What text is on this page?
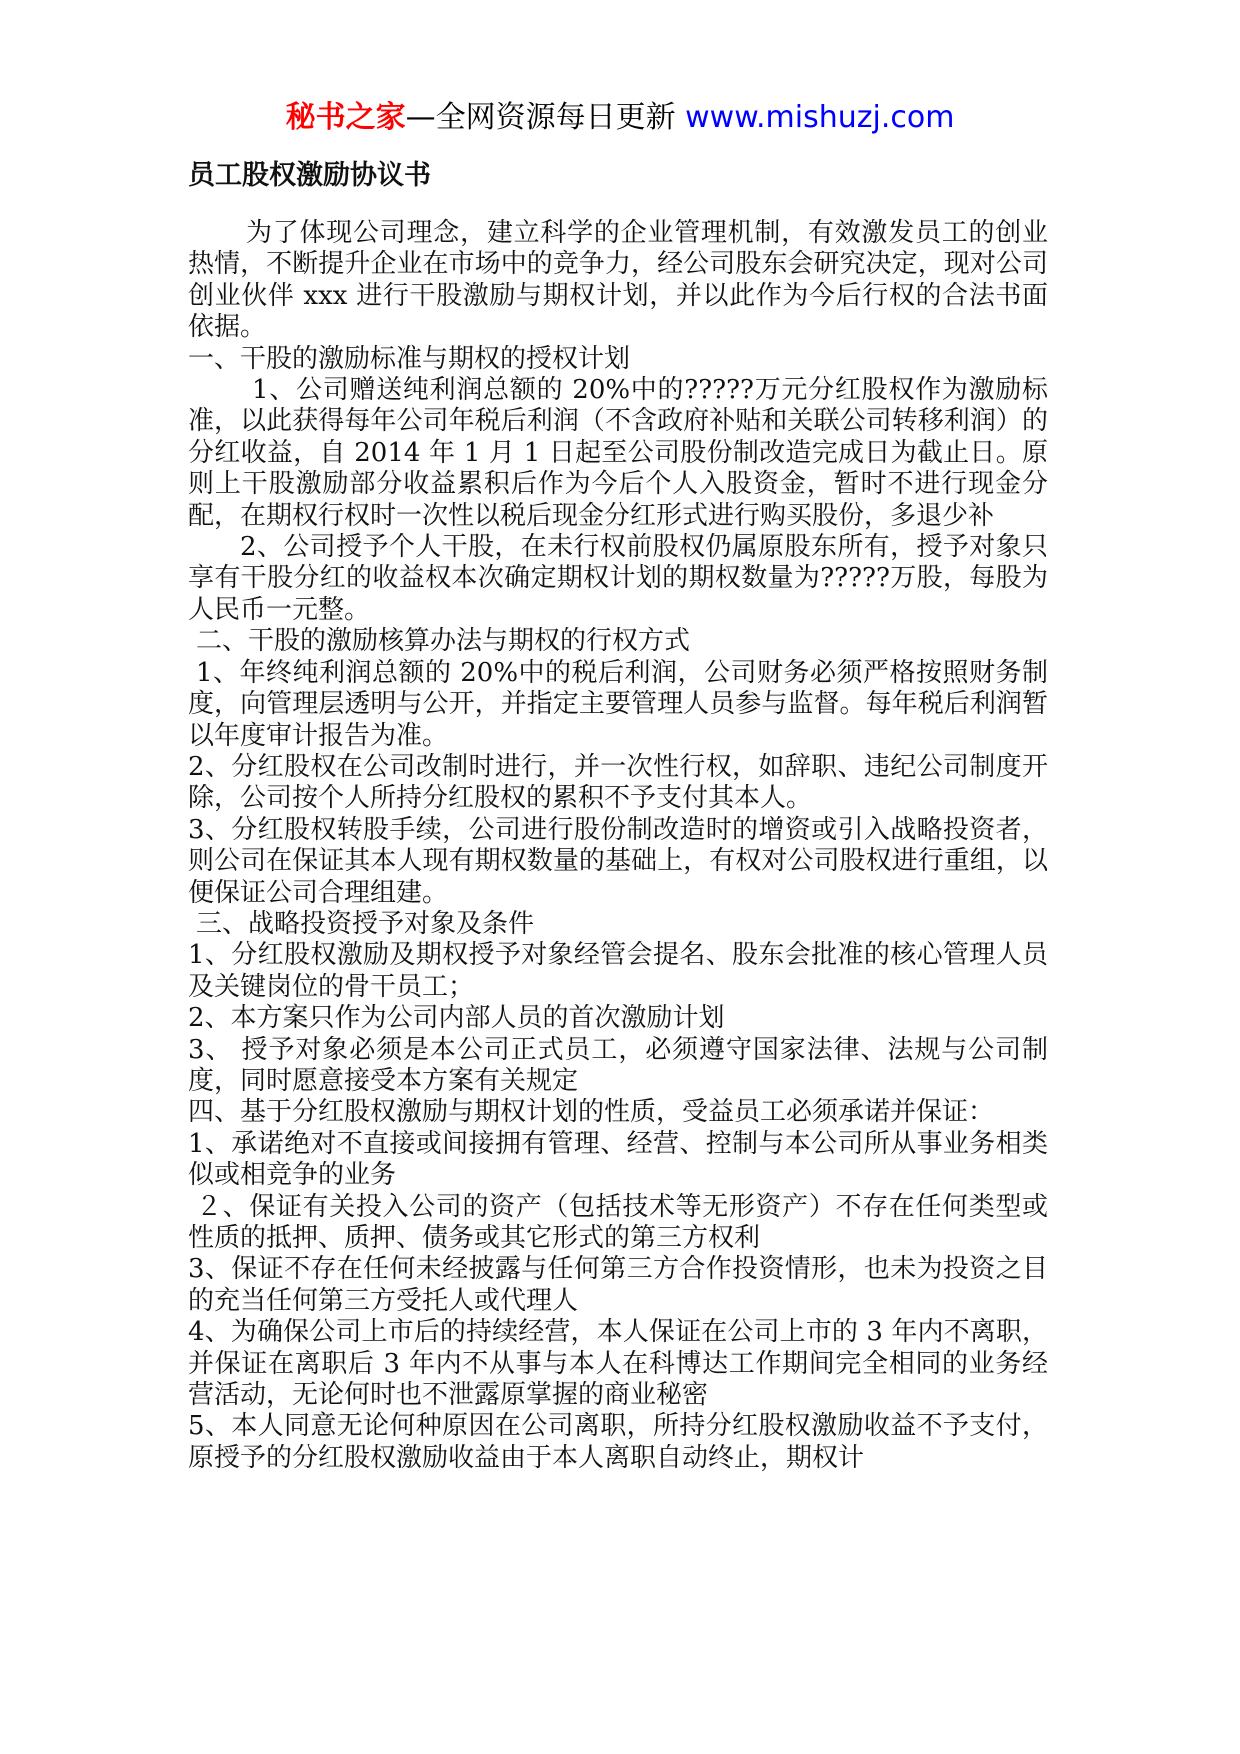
秘书之家—全网资源每日更新 www.mishuzj.com
员工股权激励协议书

为了体现公司理念，建立科学的企业管理机制，有效激发员工的创业热情，不断提升企业在市场中的竞争力，经公司股东会研究决定，现对公司创业伙伴 xxx 进行干股激励与期权计划，并以此作为今后行权的合法书面依据。

一、干股的激励标准与期权的授权计划

1、公司赠送纯利润总额的 20%中的?????万元分红股权作为激励标准，以此获得每年公司年税后利润（不含政府补贴和关联公司转移利润）的分红收益，自 2014 年 1 月 1 日起至公司股份制改造完成日为截止日。原则上干股激励部分收益累积后作为今后个人入股资金，暂时不进行现金分配，在期权行权时一次性以税后现金分红形式进行购买股份，多退少补

2、公司授予个人干股，在未行权前股权仍属原股东所有，授予对象只享有干股分红的收益权本次确定期权计划的期权数量为?????万股，每股为人民币一元整。

二、干股的激励核算办法与期权的行权方式

1、年终纯利润总额的 20%中的税后利润，公司财务必须严格按照财务制度，向管理层透明与公开，并指定主要管理人员参与监督。每年税后利润暂以年度审计报告为准。

2、分红股权在公司改制时进行，并一次性行权，如辞职、违纪公司制度开除，公司按个人所持分红股权的累积不予支付其本人。

3、分红股权转股手续，公司进行股份制改造时的增资或引入战略投资者，则公司在保证其本人现有期权数量的基础上，有权对公司股权进行重组，以便保证公司合理组建。

三、战略投资授予对象及条件

1、分红股权激励及期权授予对象经管会提名、股东会批准的核心管理人员及关键岗位的骨干员工；

2、本方案只作为公司内部人员的首次激励计划

3、 授予对象必须是本公司正式员工，必须遵守国家法律、法规与公司制度，同时愿意接受本方案有关规定

四、基于分红股权激励与期权计划的性质，受益员工必须承诺并保证：

1、承诺绝对不直接或间接拥有管理、经营、控制与本公司所从事业务相类似或相竞争的业务

２、保证有关投入公司的资产（包括技术等无形资产）不存在任何类型或性质的抵押、质押、债务或其它形式的第三方权利

3、保证不存在任何未经披露与任何第三方合作投资情形，也未为投资之目的充当任何第三方受托人或代理人

4、为确保公司上市后的持续经营，本人保证在公司上市的 3 年内不离职，并保证在离职后 3 年内不从事与本人在科博达工作期间完全相同的业务经营活动，无论何时也不泄露原掌握的商业秘密

5、本人同意无论何种原因在公司离职，所持分红股权激励收益不予支付，原授予的分红股权激励收益由于本人离职自动终止，期权计
